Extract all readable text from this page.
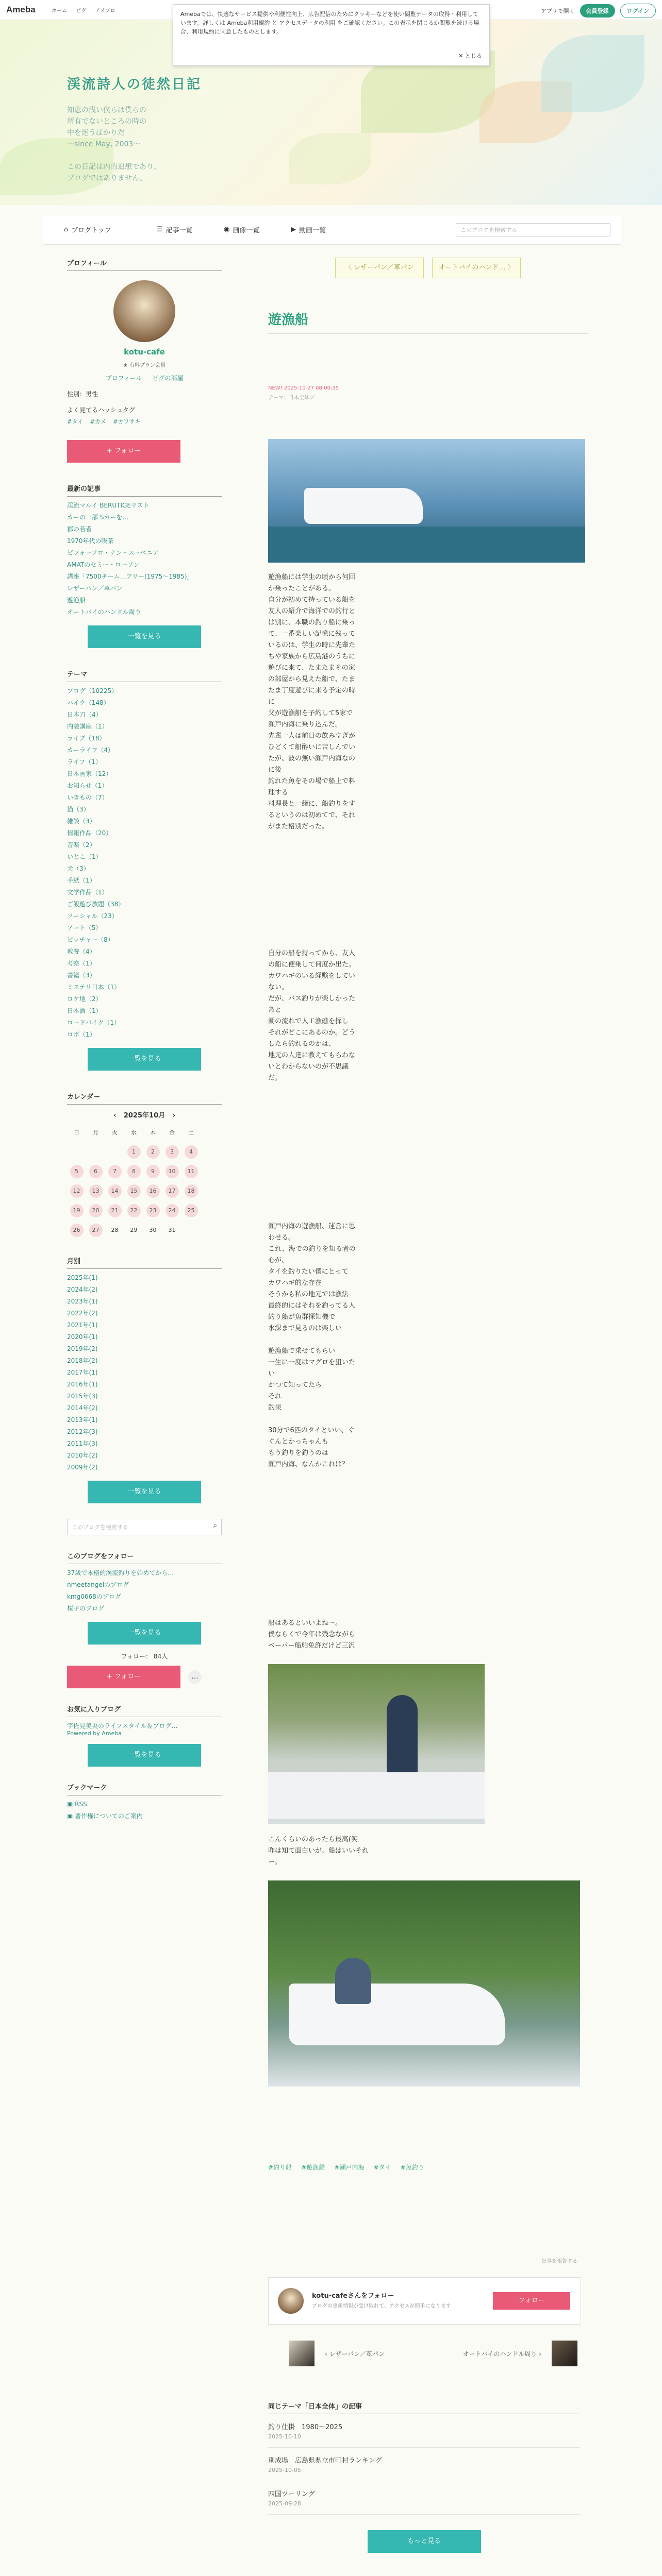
Ameba	ホーム ピグ アメブロ	アプリで開く	会員登録	ログイン
Amebaでは、快適なサービス提供や利便性向上、広告配信のためにクッキーなどを使い閲覧データの取得・利用しています。詳しくは Ameba利用規約 と アクセスデータの利用 をご確認ください。この表示を閉じるか閲覧を続ける場合、利用規約に同意したものとします。
✕ とじる
渓流詩人の徒然日記
知恵の浅い僕らは僕らの
所有でないところの時の
中を迷うばかりだ
〜since May, 2003〜

この日記は内的追想であり、
ブログではありません。
⌂ ブログトップ	☰ 記事一覧	◉ 画像一覧	▶ 動画一覧	このブログを検索する
プロフィール
kotu-cafe
★ 有料プラン会員
プロフィール ピグの部屋
性別：男性
よく見てるハッシュタグ
#タイ #カメ #カワサキ
+ フォロー
最新の記事
渓流マルイ BERUTIGEリスト
カーの一部 Sカーを…
郡の若者
1970年代の喫茶
ビフォーソロ・ナン・スーベニア
AMATのセミー・ローソン
講座「7500チーム…アリー(1975〜1985)」
レザーパン／革パン
遊漁船
オートバイのハンドル周り
一覧を見る
テーマ
ブログ（10225）
バイク（148）
日本刀（4）
内装講座（1）
ライブ（18）
カーライフ（4）
ライフ（1）
日本画家（12）
お知らせ（1）
いきもの（7）
猫（3）
雑談（3）
情報作品（20）
音楽（2）
いとこ（1）
犬（3）
手紙（1）
文学作品（1）
ご飯遊び放題（38）
ソーシャル（23）
アート（5）
ピッチャー（8）
教養（4）
考察（1）
書籍（3）
ミステリ日本（1）
ロケ地（2）
日本酒（1）
ロードバイク（1）
ロボ（1）
一覧を見る
カレンダー
‹ 2025年10月 ›
日	月	火	水	木	金	土
			1	2	3	4
5	6	7	8	9	10	11
12	13	14	15	16	17	18
19	20	21	22	23	24	25
26	27	28	29	30	31	
月別
2025年(1)
2024年(2)
2023年(1)
2022年(2)
2021年(1)
2020年(1)
2019年(2)
2018年(2)
2017年(1)
2016年(1)
2015年(3)
2014年(2)
2013年(1)
2012年(3)
2011年(3)
2010年(2)
2009年(2)
一覧を見る
このブログを検索する	⌕
このブログをフォロー
37歳で本格的渓流釣りを始めてから…
nmeetangelのブログ
kmg0668のブログ
桜子のブログ
一覧を見る
フォロー： 84人
+ フォロー	…
お気に入りブログ
宇佐見美央のライフスタイル＆ブログ…
Powered by Ameba
一覧を見る
ブックマーク
▣ RSS
▣ 著作権についてのご案内
〈 レザーパン／革パン	オートバイのハンド… 〉
遊漁船
NEW! 2025-10-27 08:00:35
テーマ：日本全体ブ
遊漁船には学生の頃から何回か乗ったことがある。
自分が初めて持っている船を友人の紹介で海洋での釣行とは別に、本職の釣り船に乗って、一番楽しい記憶に残っているのは、学生の時に先輩たちや家族から広島港のうちに遊びに来て、たまたまその家の部屋から見えた船で、たまたま丁度遊びに来る予定の時に
父が遊漁船を予約して5家で瀬戸内海に乗り込んだ。
先輩一人は前日の飲みすぎがひどくて船酔いに苦しんでいたが、波の無い瀬戸内海なのに後
釣れた魚をその場で船上で料理する
料理長と一緒に、船釣りをするというのは初めてで、それがまた格別だった。
自分の船を持ってから、友人の船に便乗して何度か出た。カワハギのいる経験をしていない。
だが、バス釣りが楽しかったあと
潮の流れで人工漁礁を探し
それがどこにあるのか。どうしたら釣れるのかは、
地元の人達に教えてもらわないとわからないのが不思議だ。
瀬戸内海の遊漁船、運営に思わせる。
これ、海での釣りを知る者の心が、
タイを釣りたい僕にとって
カワハギ的な存在
そうかも私の地元では漁法
最終的にはそれを釣ってる人
釣り船が魚群探知機で
水深まで見るのは楽しい

遊漁船で乗せてもらい
一生に一度はマグロを狙いたい
かつて知ってたら
それ
釣果

30分で6匹のタイといい、ぐぐんとかっちゃんも
もう釣りを釣うのは
瀬戸内海、なんかこれは？
船はあるといいよね〜。
僕ならくで今年は残念ながら
ベーパー船舶免許だけど三沢
こんくらいのあったら最高(笑
昨は知て面白いが、船はいいそれー。
#釣り船 #遊漁船 #瀬戸内海 #タイ #魚釣り
記事を報告する
kotu-cafeさんをフォロー
ブログの更新情報が受け取れて、アクセスが簡単になります
フォロー
‹ レザーパン／革パン	オートバイのハンドル周り ›
同じテーマ「日本全体」の記事
釣り仕掛　1980〜2025
2025-10-10
別成場　広島県県立市町村ランキング
2025-10-05
四国ツーリング
2025-09-28
もっと見る
